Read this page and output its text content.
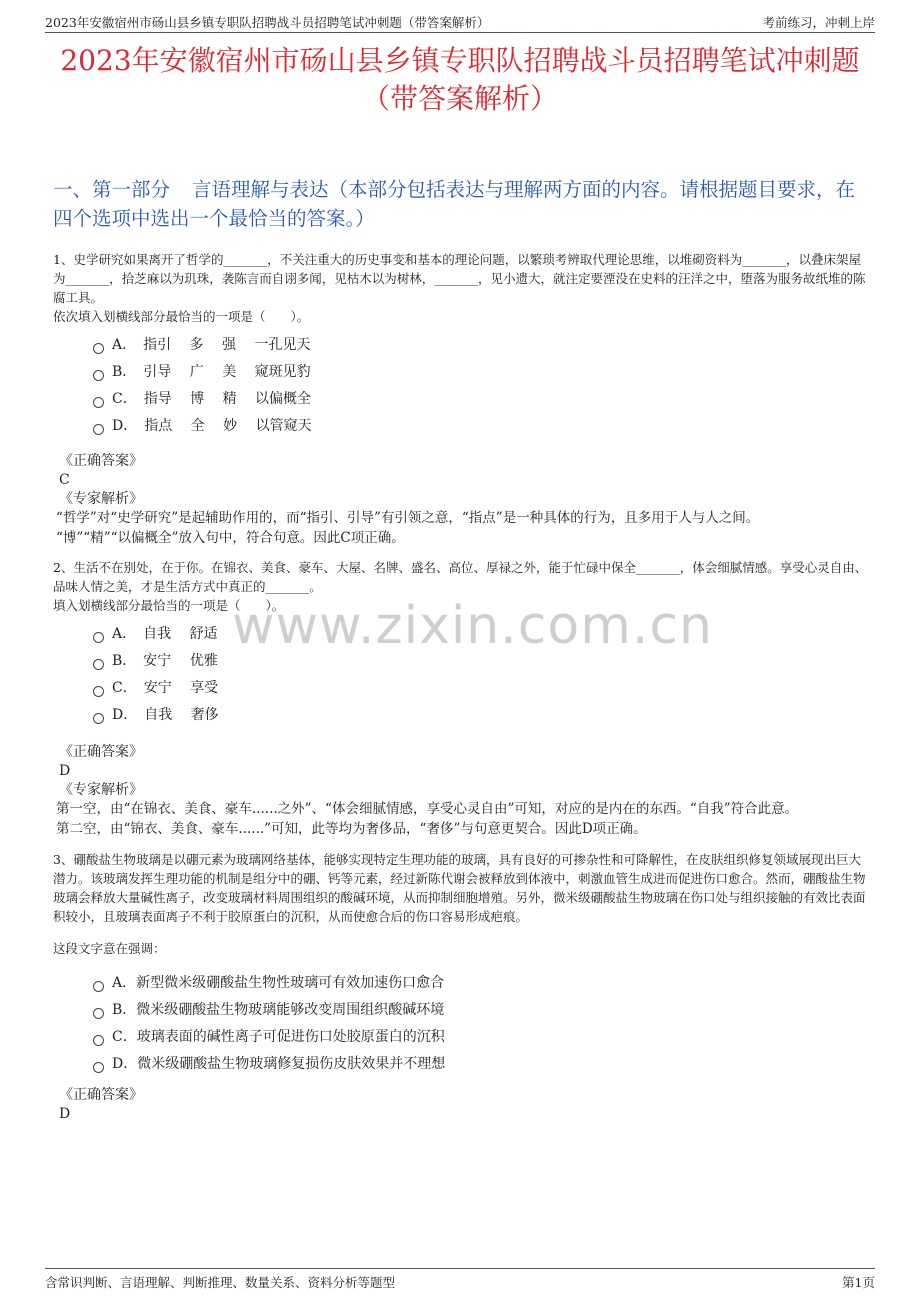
2023年安徽宿州市砀山县乡镇专职队招聘战斗员招聘笔试冲刺题（带答案解析）	考前练习，冲刺上岸
2023年安徽宿州市砀山县乡镇专职队招聘战斗员招聘笔试冲刺题（带答案解析）
一、第一部分 言语理解与表达（本部分包括表达与理解两方面的内容。请根据题目要求，在四个选项中选出一个最恰当的答案。）

1、史学研究如果离开了哲学的_______，不关注重大的历史事变和基本的理论问题，以繁琐考辨取代理论思维，以堆砌资料为_______，以叠床架屋为_______，拾芝麻以为玑珠，袭陈言而自诩多闻，见枯木以为树林，_______，见小遗大，就注定要湮没在史料的汪洋之中，堕落为服务故纸堆的陈腐工具。

依次填入划横线部分最恰当的一项是（　　）。

A．　指引　 多　 强　 一孔见天
B．　引导　 广　 美　 窥斑见豹
C．　指导　 博　 精　 以偏概全
D．　指点　 全　 妙　 以管窥天
《正确答案》
C
《专家解析》

“哲学”对“史学研究”是起辅助作用的，而“指引、引导”有引领之意，“指点”是一种具体的行为，且多用于人与人之间。

“博”“精”“以偏概全”放入句中，符合句意。因此C项正确。

2、生活不在别处，在于你。在锦衣、美食、豪车、大屋、名牌、盛名、高位、厚禄之外，能于忙碌中保全_______，体会细腻情感。享受心灵自由、品味人情之美，才是生活方式中真正的_______。

填入划横线部分最恰当的一项是（　　）。

A．　自我　 舒适
B．　安宁　 优雅
C．　安宁　 享受
D．　自我　 奢侈
《正确答案》
D
《专家解析》

第一空，由“在锦衣、美食、豪车......之外”、“体会细腻情感，享受心灵自由”可知，对应的是内在的东西。“自我”符合此意。

第二空，由“锦衣、美食、豪车......”可知，此等均为奢侈品，“奢侈”与句意更契合。因此D项正确。

3、硼酸盐生物玻璃是以硼元素为玻璃网络基体，能够实现特定生理功能的玻璃，具有良好的可掺杂性和可降解性，在皮肤组织修复领域展现出巨大潜力。该玻璃发挥生理功能的机制是组分中的硼、钙等元素，经过新陈代谢会被释放到体液中，刺激血管生成进而促进伤口愈合。然而，硼酸盐生物玻璃会释放大量碱性离子，改变玻璃材料周围组织的酸碱环境，从而抑制细胞增殖。另外，微米级硼酸盐生物玻璃在伤口处与组织接触的有效比表面积较小，且玻璃表面离子不利于胶原蛋白的沉积，从而使愈合后的伤口容易形成疤痕。

这段文字意在强调：

A．新型微米级硼酸盐生物性玻璃可有效加速伤口愈合
B．微米级硼酸盐生物玻璃能够改变周围组织酸碱环境
C．玻璃表面的碱性离子可促进伤口处胶原蛋白的沉积
D．微米级硼酸盐生物玻璃修复损伤皮肤效果并不理想
《正确答案》
D
www.zixin.com.cn
含常识判断、言语理解、判断推理、数量关系、资料分析等题型	第1页
